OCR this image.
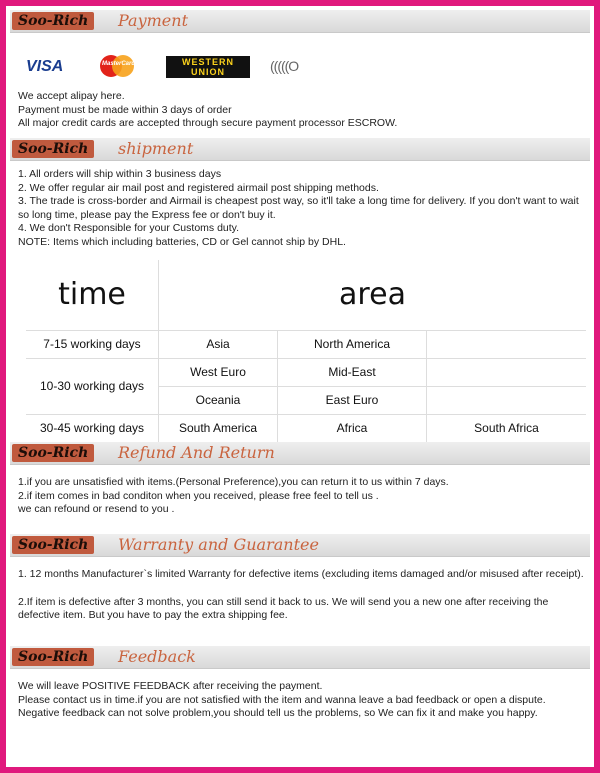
Soo-Rich	Payment
VISA	MasterCard	WESTERN
UNION	(((((O

We accept alipay here.

Payment must be made within 3 days of order

All major credit cards are accepted through secure payment processor ESCROW.

Soo-Rich	shipment

1. All orders will ship within 3 business days

2. We offer regular air mail post and registered airmail post shipping methods.

3. The trade is cross-border and Airmail is cheapest post way, so it'll take a long time for delivery. If you don't want to wait so long time, please pay the Express fee or don't buy it.

4. We don't Responsible for your Customs duty.

NOTE: Items which including batteries, CD or Gel cannot ship by DHL.

time	area		
7-15 working days	Asia	North America	
10-30 working days	West Euro	Mid-East	
	Oceania	East Euro	
30-45 working days	South America	Africa	South Africa
Soo-Rich	Refund And Return

1.if you are unsatisfied with items.(Personal Preference),you can return it to us within 7 days.

2.if item comes in bad conditon when you received, please free feel to tell us .

we can refound or resend to you .

Soo-Rich	Warranty and Guarantee

1. 12 months Manufacturer`s limited Warranty for defective items (excluding items damaged and/or misused after receipt).

2.If item is defective after 3 months, you can still send it back to us. We will send you a new one after receiving the defective item. But you have to pay the extra shipping fee.

Soo-Rich	Feedback

We will leave POSITIVE FEEDBACK after receiving the payment.

Please contact us in time.if you are not satisfied with the item and wanna leave a bad feedback or open a dispute.

Negative feedback can not solve problem,you should tell us the problems, so We can fix it and make you happy.
